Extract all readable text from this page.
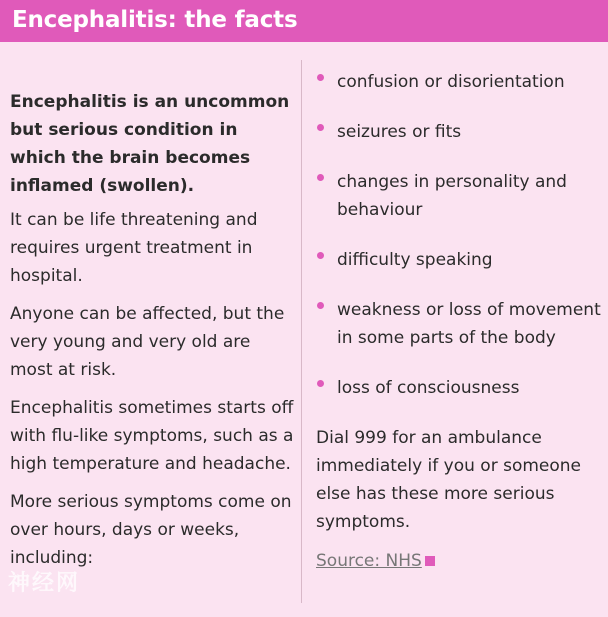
Encephalitis: the facts

Encephalitis is an uncommon but serious condition in which the brain becomes inflamed (swollen).

It can be life threatening and requires urgent treatment in hospital.

Anyone can be affected, but the very young and very old are most at risk.

Encephalitis sometimes starts off with flu-like symptoms, such as a high temperature and headache.

More serious symptoms come on over hours, days or weeks, including:

confusion or disorientation
seizures or fits
changes in personality and behaviour
difficulty speaking
weakness or loss of movement in some parts of the body
loss of consciousness

Dial 999 for an ambulance immediately if you or someone else has these more serious symptoms.

Source: NHS
神经网
